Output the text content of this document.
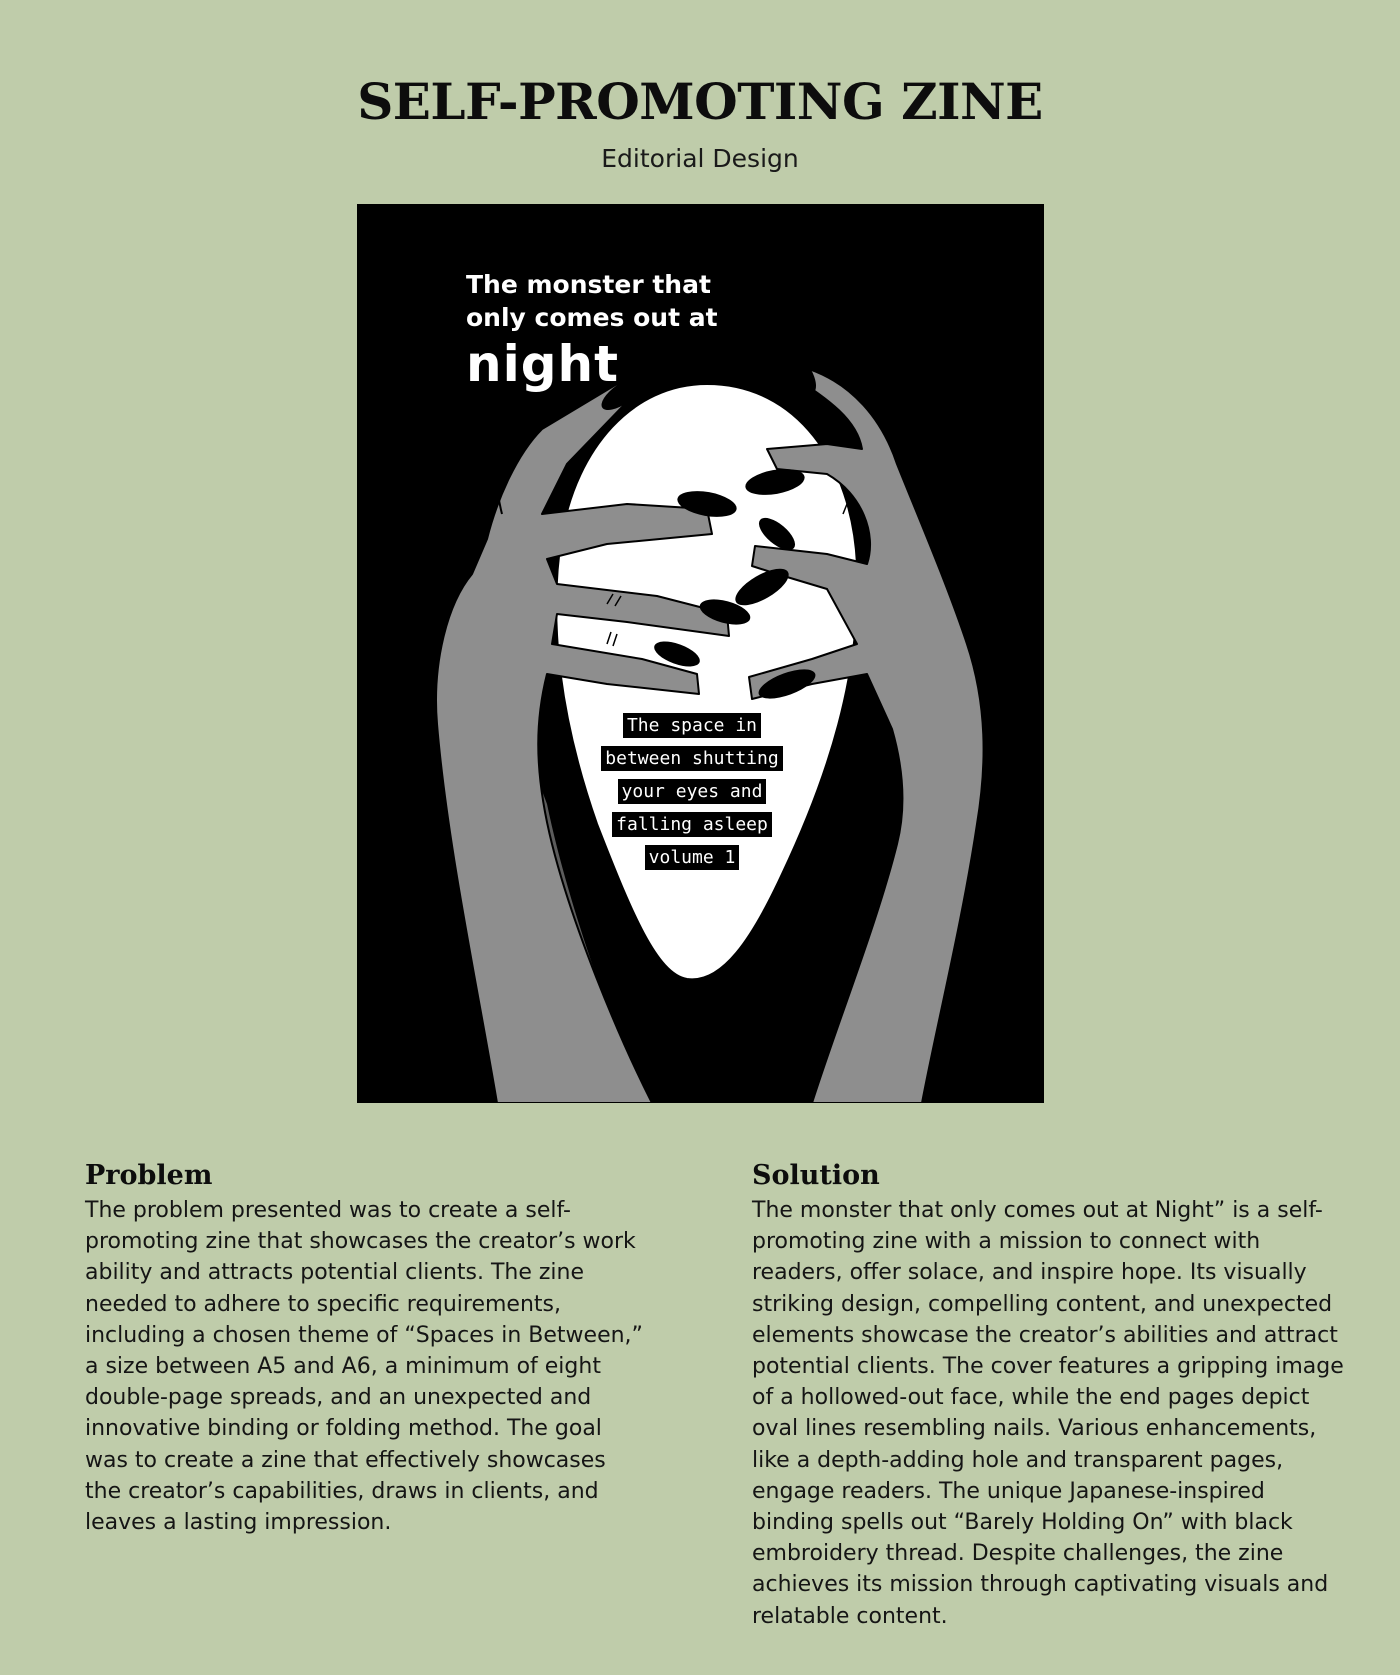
SELF-PROMOTING ZINE
Editorial Design
The monster that
only comes out at
night
The space in
between shutting
your eyes and
falling asleep
volume 1
Problem

The problem presented was to create a self-promoting zine that showcases the creator’s work ability and attracts potential clients. The zine needed to adhere to specific requirements, including a chosen theme of “Spaces in Between,” a size between A5 and A6, a minimum of eight double-page spreads, and an unexpected and innovative binding or folding method. The goal was to create a zine that effectively showcases the creator’s capabilities, draws in clients, and leaves a lasting impression.

Solution

The monster that only comes out at Night” is a self-promoting zine with a mission to connect with readers, offer solace, and inspire hope. Its visually striking design, compelling content, and unexpected elements showcase the creator’s abilities and attract potential clients. The cover features a gripping image of a hollowed-out face, while the end pages depict oval lines resembling nails. Various enhancements, like a depth-adding hole and transparent pages, engage readers. The unique Japanese-inspired binding spells out “Barely Holding On” with black embroidery thread. Despite challenges, the zine achieves its mission through captivating visuals and relatable content.
